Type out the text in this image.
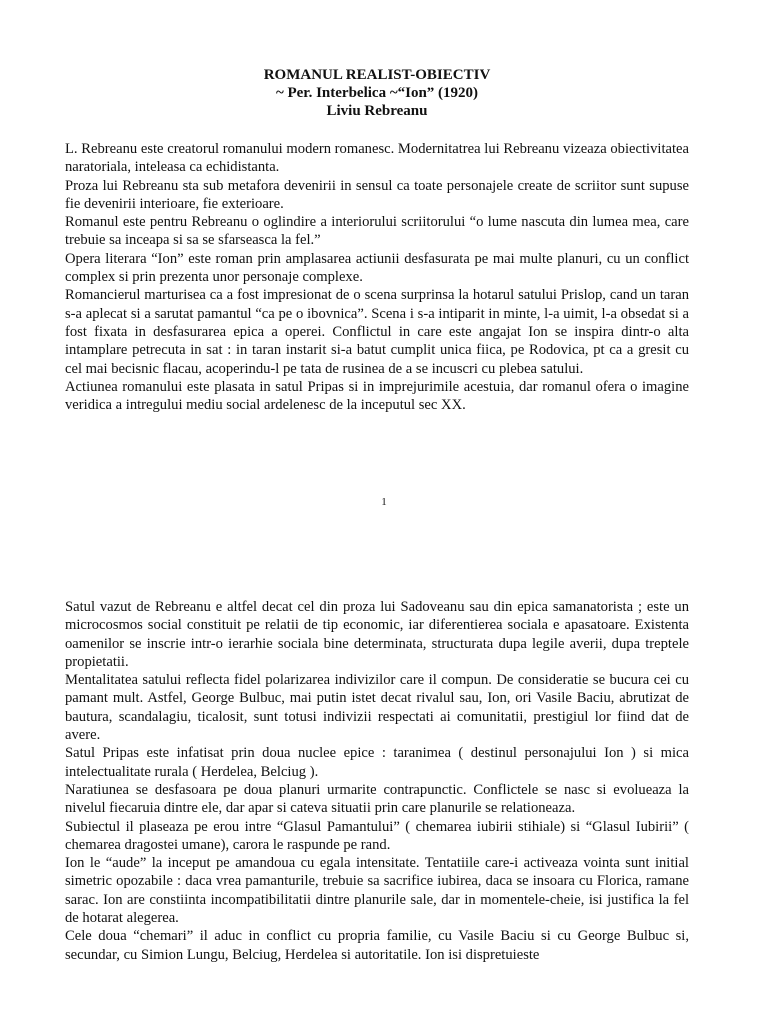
ROMANUL REALIST-OBIECTIV

~ Per. Interbelica ~“Ion” (1920)

Liviu Rebreanu

L. Rebreanu este creatorul romanului modern romanesc. Modernitatrea lui Rebreanu vizeaza obiectivitatea naratoriala, inteleasa ca echidistanta.

Proza lui Rebreanu sta sub metafora devenirii in sensul ca toate personajele create de scriitor sunt supuse fie devenirii interioare, fie exterioare.

Romanul este pentru Rebreanu o oglindire a interiorului scriitorului “o lume nascuta din lumea mea, care trebuie sa inceapa si sa se sfarseasca la fel.”

Opera literara “Ion” este roman prin amplasarea actiunii desfasurata pe mai multe planuri, cu un conflict complex si prin prezenta unor personaje complexe.

Romancierul marturisea ca a fost impresionat de o scena surprinsa la hotarul satului Prislop, cand un taran s-a aplecat si a sarutat pamantul “ca pe o ibovnica”. Scena i s-a intiparit in minte, l-a uimit, l-a obsedat si a fost fixata in desfasurarea epica a operei. Conflictul in care este angajat Ion se inspira dintr-o alta intamplare petrecuta in sat : in taran instarit si-a batut cumplit unica fiica, pe Rodovica, pt ca a gresit cu cel mai becisnic flacau, acoperindu-l pe tata de rusinea de a se incuscri cu plebea satului.

Actiunea romanului este plasata in satul Pripas si in imprejurimile acestuia, dar romanul ofera o imagine veridica a intregului mediu social ardelenesc de la inceputul sec XX.

1

Satul vazut de Rebreanu e altfel decat cel din proza lui Sadoveanu sau din epica samanatorista ; este un microcosmos social constituit pe relatii de tip economic, iar diferentierea sociala e apasatoare. Existenta oamenilor se inscrie intr-o ierarhie sociala bine determinata, structurata dupa legile averii, dupa treptele propietatii.

Mentalitatea satului reflecta fidel polarizarea indivizilor care il compun. De consideratie se bucura cei cu pamant mult. Astfel, George Bulbuc, mai putin istet decat rivalul sau, Ion, ori Vasile Baciu, abrutizat de bautura, scandalagiu, ticalosit, sunt totusi indivizii respectati ai comunitatii, prestigiul lor fiind dat de avere.

Satul Pripas este infatisat prin doua nuclee epice : taranimea ( destinul personajului Ion ) si mica intelectualitate rurala ( Herdelea, Belciug ).

Naratiunea se desfasoara pe doua planuri urmarite contrapunctic. Conflictele se nasc si evolueaza la nivelul fiecaruia dintre ele, dar apar si cateva situatii prin care planurile se relationeaza.

Subiectul il plaseaza pe erou intre “Glasul Pamantului” ( chemarea iubirii stihiale) si “Glasul Iubirii” ( chemarea dragostei umane), carora le raspunde pe rand.

Ion le “aude” la inceput pe amandoua cu egala intensitate. Tentatiile care-i activeaza vointa sunt initial simetric opozabile : daca vrea pamanturile, trebuie sa sacrifice iubirea, daca se insoara cu Florica, ramane sarac. Ion are constiinta incompatibilitatii dintre planurile sale, dar in momentele-cheie, isi justifica la fel de hotarat alegerea.

Cele doua “chemari” il aduc in conflict cu propria familie, cu Vasile Baciu si cu George Bulbuc si, secundar, cu Simion Lungu, Belciug, Herdelea si autoritatile. Ion isi dispretuieste
